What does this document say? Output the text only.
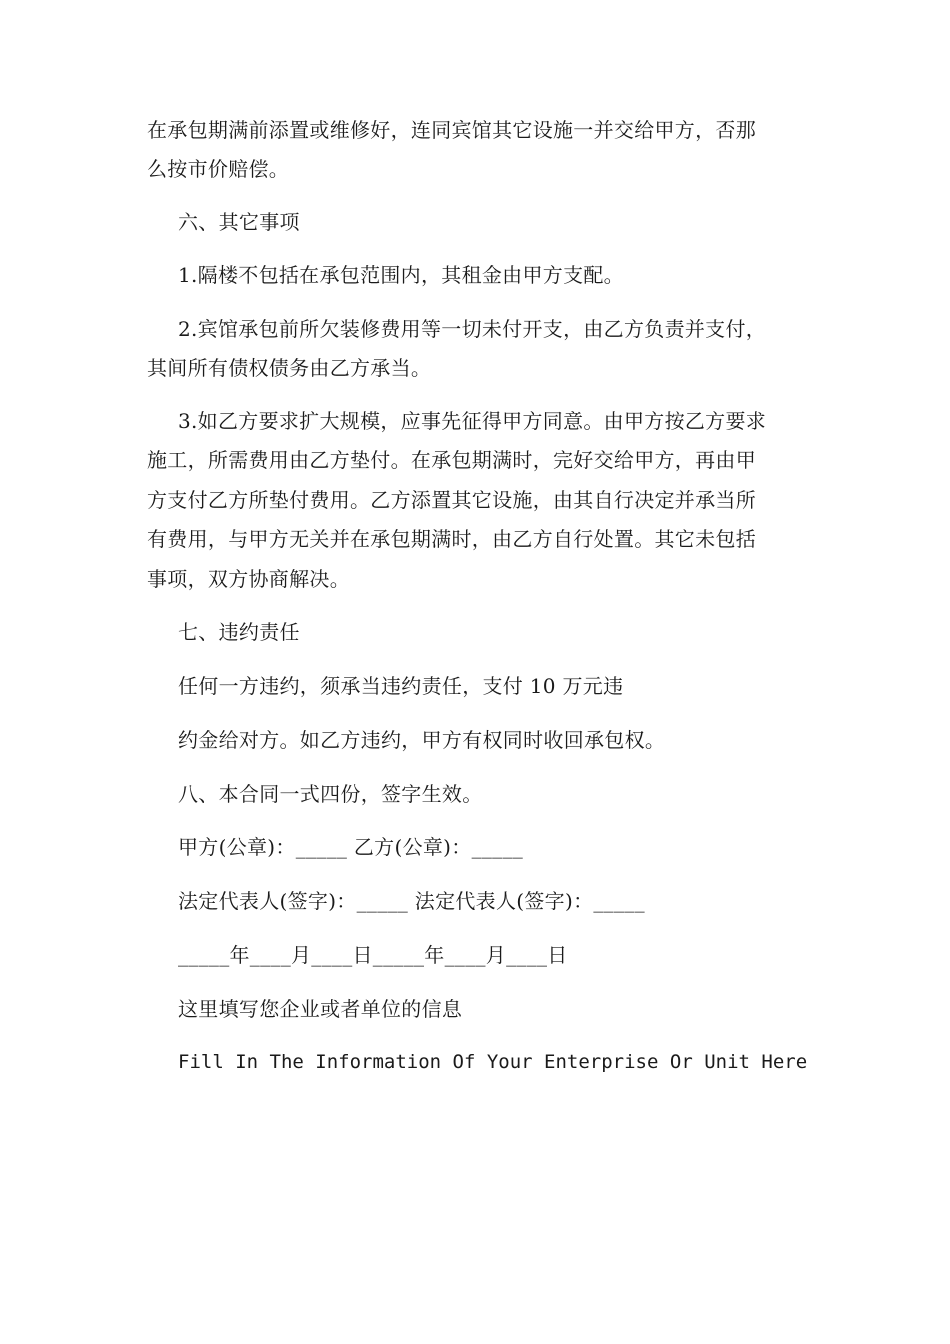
在承包期满前添置或维修好，连同宾馆其它设施一并交给甲方，否那
么按市价赔偿。
六、其它事项
1.隔楼不包括在承包范围内，其租金由甲方支配。
2.宾馆承包前所欠装修费用等一切未付开支，由乙方负责并支付，
其间所有债权债务由乙方承当。
3.如乙方要求扩大规模，应事先征得甲方同意。由甲方按乙方要求
施工，所需费用由乙方垫付。在承包期满时，完好交给甲方，再由甲
方支付乙方所垫付费用。乙方添置其它设施，由其自行决定并承当所
有费用，与甲方无关并在承包期满时，由乙方自行处置。其它未包括
事项，双方协商解决。
七、违约责任
任何一方违约，须承当违约责任，支付 10 万元违
约金给对方。如乙方违约，甲方有权同时收回承包权。
八、本合同一式四份，签字生效。
甲方(公章)：_____ 乙方(公章)：_____
法定代表人(签字)：_____ 法定代表人(签字)：_____
_____年____月____日_____年____月____日
这里填写您企业或者单位的信息
Fill In The Information Of Your Enterprise Or Unit Here
